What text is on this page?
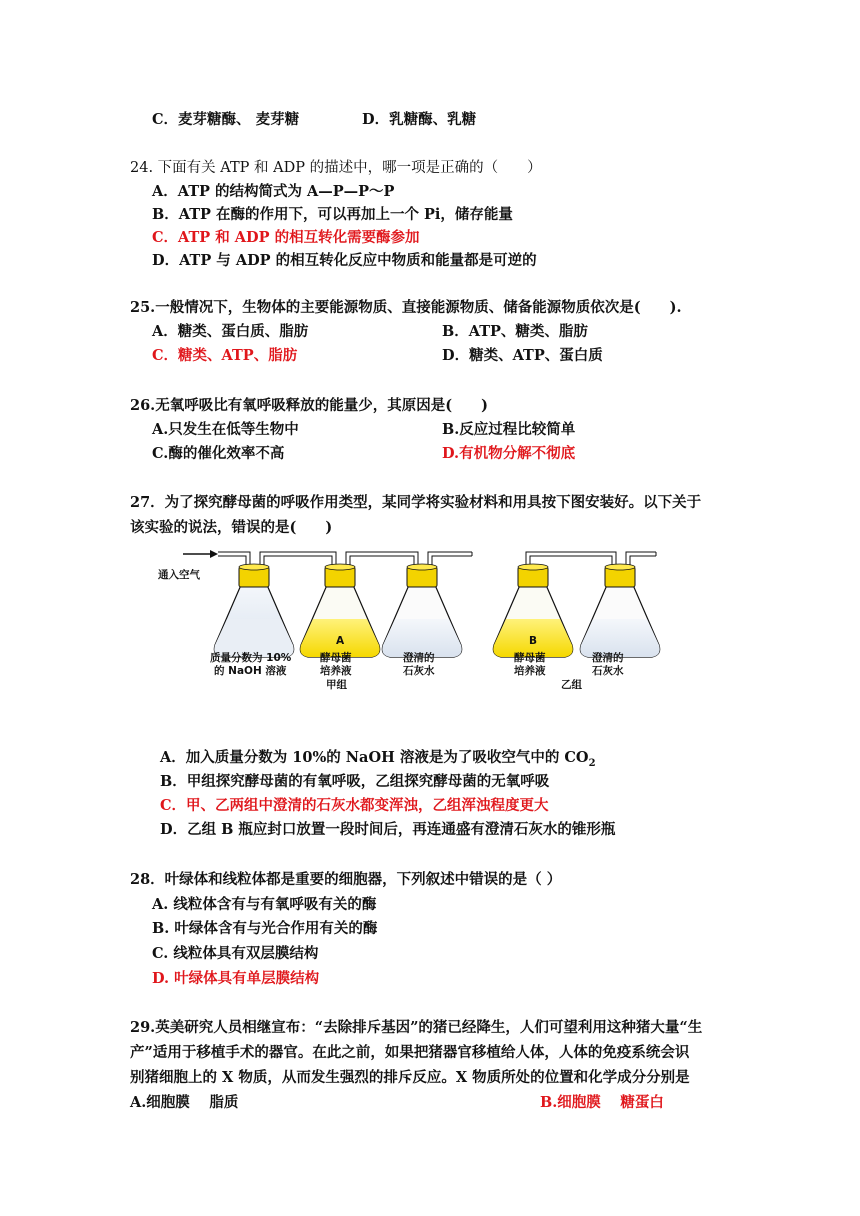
C．麦芽糖酶、 麦芽糖	D．乳糖酶、乳糖
24. 下面有关 ATP 和 ADP 的描述中，哪一项是正确的（　　）
A．ATP 的结构简式为 A—P—P～P
B．ATP 在酶的作用下，可以再加上一个 Pi，储存能量
C．ATP 和 ADP 的相互转化需要酶参加
D．ATP 与 ADP 的相互转化反应中物质和能量都是可逆的
25.一般情况下，生物体的主要能源物质、直接能源物质、储备能源物质依次是(　　).
A．糖类、蛋白质、脂肪	B．ATP、糖类、脂肪
C．糖类、ATP、脂肪	D．糖类、ATP、蛋白质
26.无氧呼吸比有氧呼吸释放的能量少，其原因是(　　)
A.只发生在低等生物中	B.反应过程比较简单
C.酶的催化效率不高	D.有机物分解不彻底
27．为了探究酵母菌的呼吸作用类型，某同学将实验材料和用具按下图安装好。以下关于
该实验的说法，错误的是(　　)
通入空气
A	B
质量分数为 10%
的 NaOH 溶液
酵母菌
培养液
澄清的
石灰水
甲组
酵母菌
培养液
澄清的
石灰水
乙组
A．加入质量分数为 10%的 NaOH 溶液是为了吸收空气中的 $CO_2$
B．甲组探究酵母菌的有氧呼吸，乙组探究酵母菌的无氧呼吸
C．甲、乙两组中澄清的石灰水都变浑浊，乙组浑浊程度更大
D．乙组 B 瓶应封口放置一段时间后，再连通盛有澄清石灰水的锥形瓶
28．叶绿体和线粒体都是重要的细胞器，下列叙述中错误的是（ ）
A. 线粒体含有与有氧呼吸有关的酶
B. 叶绿体含有与光合作用有关的酶
C. 线粒体具有双层膜结构
D. 叶绿体具有单层膜结构
29.英美研究人员相继宣布：“去除排斥基因”的猪已经降生，人们可望利用这种猪大量“生
产”适用于移植手术的器官。在此之前，如果把猪器官移植给人体，人体的免疫系统会识
别猪细胞上的 X 物质，从而发生强烈的排斥反应。X 物质所处的位置和化学成分分别是
A.细胞膜　 脂质	B.细胞膜　 糖蛋白
